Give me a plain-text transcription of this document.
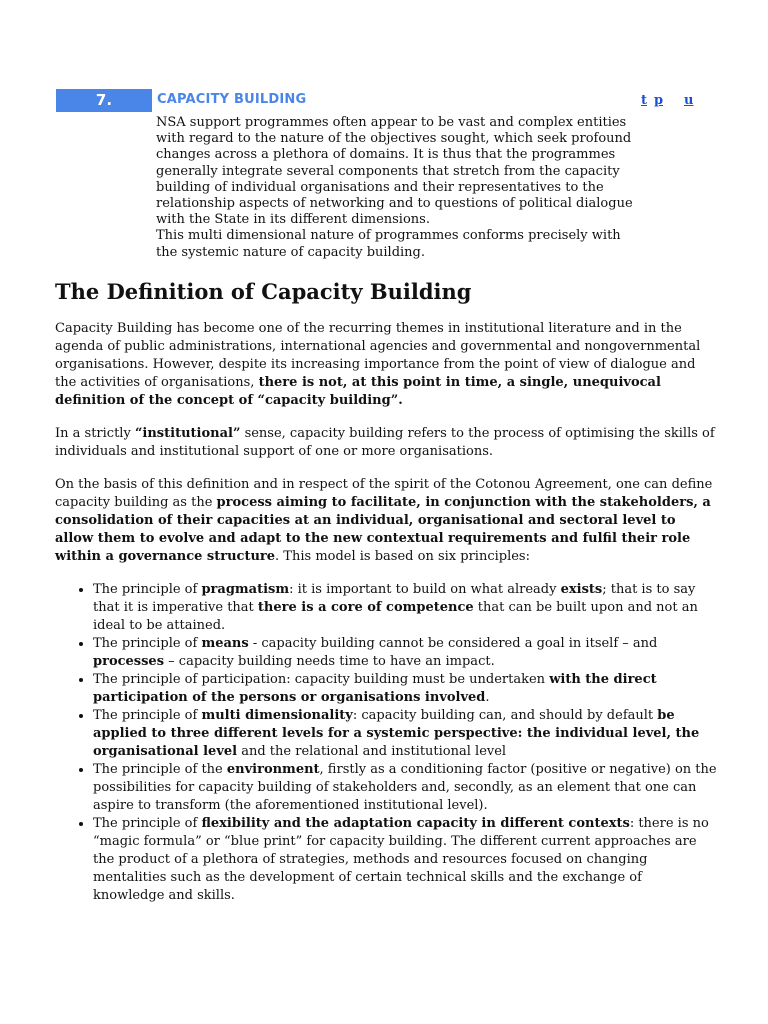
7.	CAPACITY BUILDING	t p u

NSA support programmes often appear to be vast and complex entities with regard to the nature of the objectives sought, which seek profound changes across a plethora of domains. It is thus that the programmes generally integrate several components that stretch from the capacity building of individual organisations and their representatives to the relationship aspects of networking and to questions of political dialogue with the State in its different dimensions.

This multi dimensional nature of programmes conforms precisely with the systemic nature of capacity building.

The Definition of Capacity Building

Capacity Building has become one of the recurring themes in institutional literature and in the agenda of public administrations, international agencies and governmental and nongovernmental organisations. However, despite its increasing importance from the point of view of dialogue and the activities of organisations, there is not, at this point in time, a single, unequivocal definition of the concept of “capacity building”.

In a strictly “institutional” sense, capacity building refers to the process of optimising the skills of individuals and institutional support of one or more organisations.

On the basis of this definition and in respect of the spirit of the Cotonou Agreement, one can define capacity building as the process aiming to facilitate, in conjunction with the stakeholders, a consolidation of their capacities at an individual, organisational and sectoral level to allow them to evolve and adapt to the new contextual requirements and fulfil their role within a governance structure. This model is based on six principles:

• The principle of pragmatism: it is important to build on what already exists; that is to say that it is imperative that there is a core of competence that can be built upon and not an ideal to be attained.
• The principle of means - capacity building cannot be considered a goal in itself – and processes – capacity building needs time to have an impact.
• The principle of participation: capacity building must be undertaken with the direct participation of the persons or organisations involved.
• The principle of multi dimensionality: capacity building can, and should by default be applied to three different levels for a systemic perspective: the individual level, the organisational level and the relational and institutional level
• The principle of the environment, firstly as a conditioning factor (positive or negative) on the possibilities for capacity building of stakeholders and, secondly, as an element that one can aspire to transform (the aforementioned institutional level).
• The principle of flexibility and the adaptation capacity in different contexts: there is no “magic formula” or “blue print” for capacity building. The different current approaches are the product of a plethora of strategies, methods and resources focused on changing mentalities such as the development of certain technical skills and the exchange of knowledge and skills.
